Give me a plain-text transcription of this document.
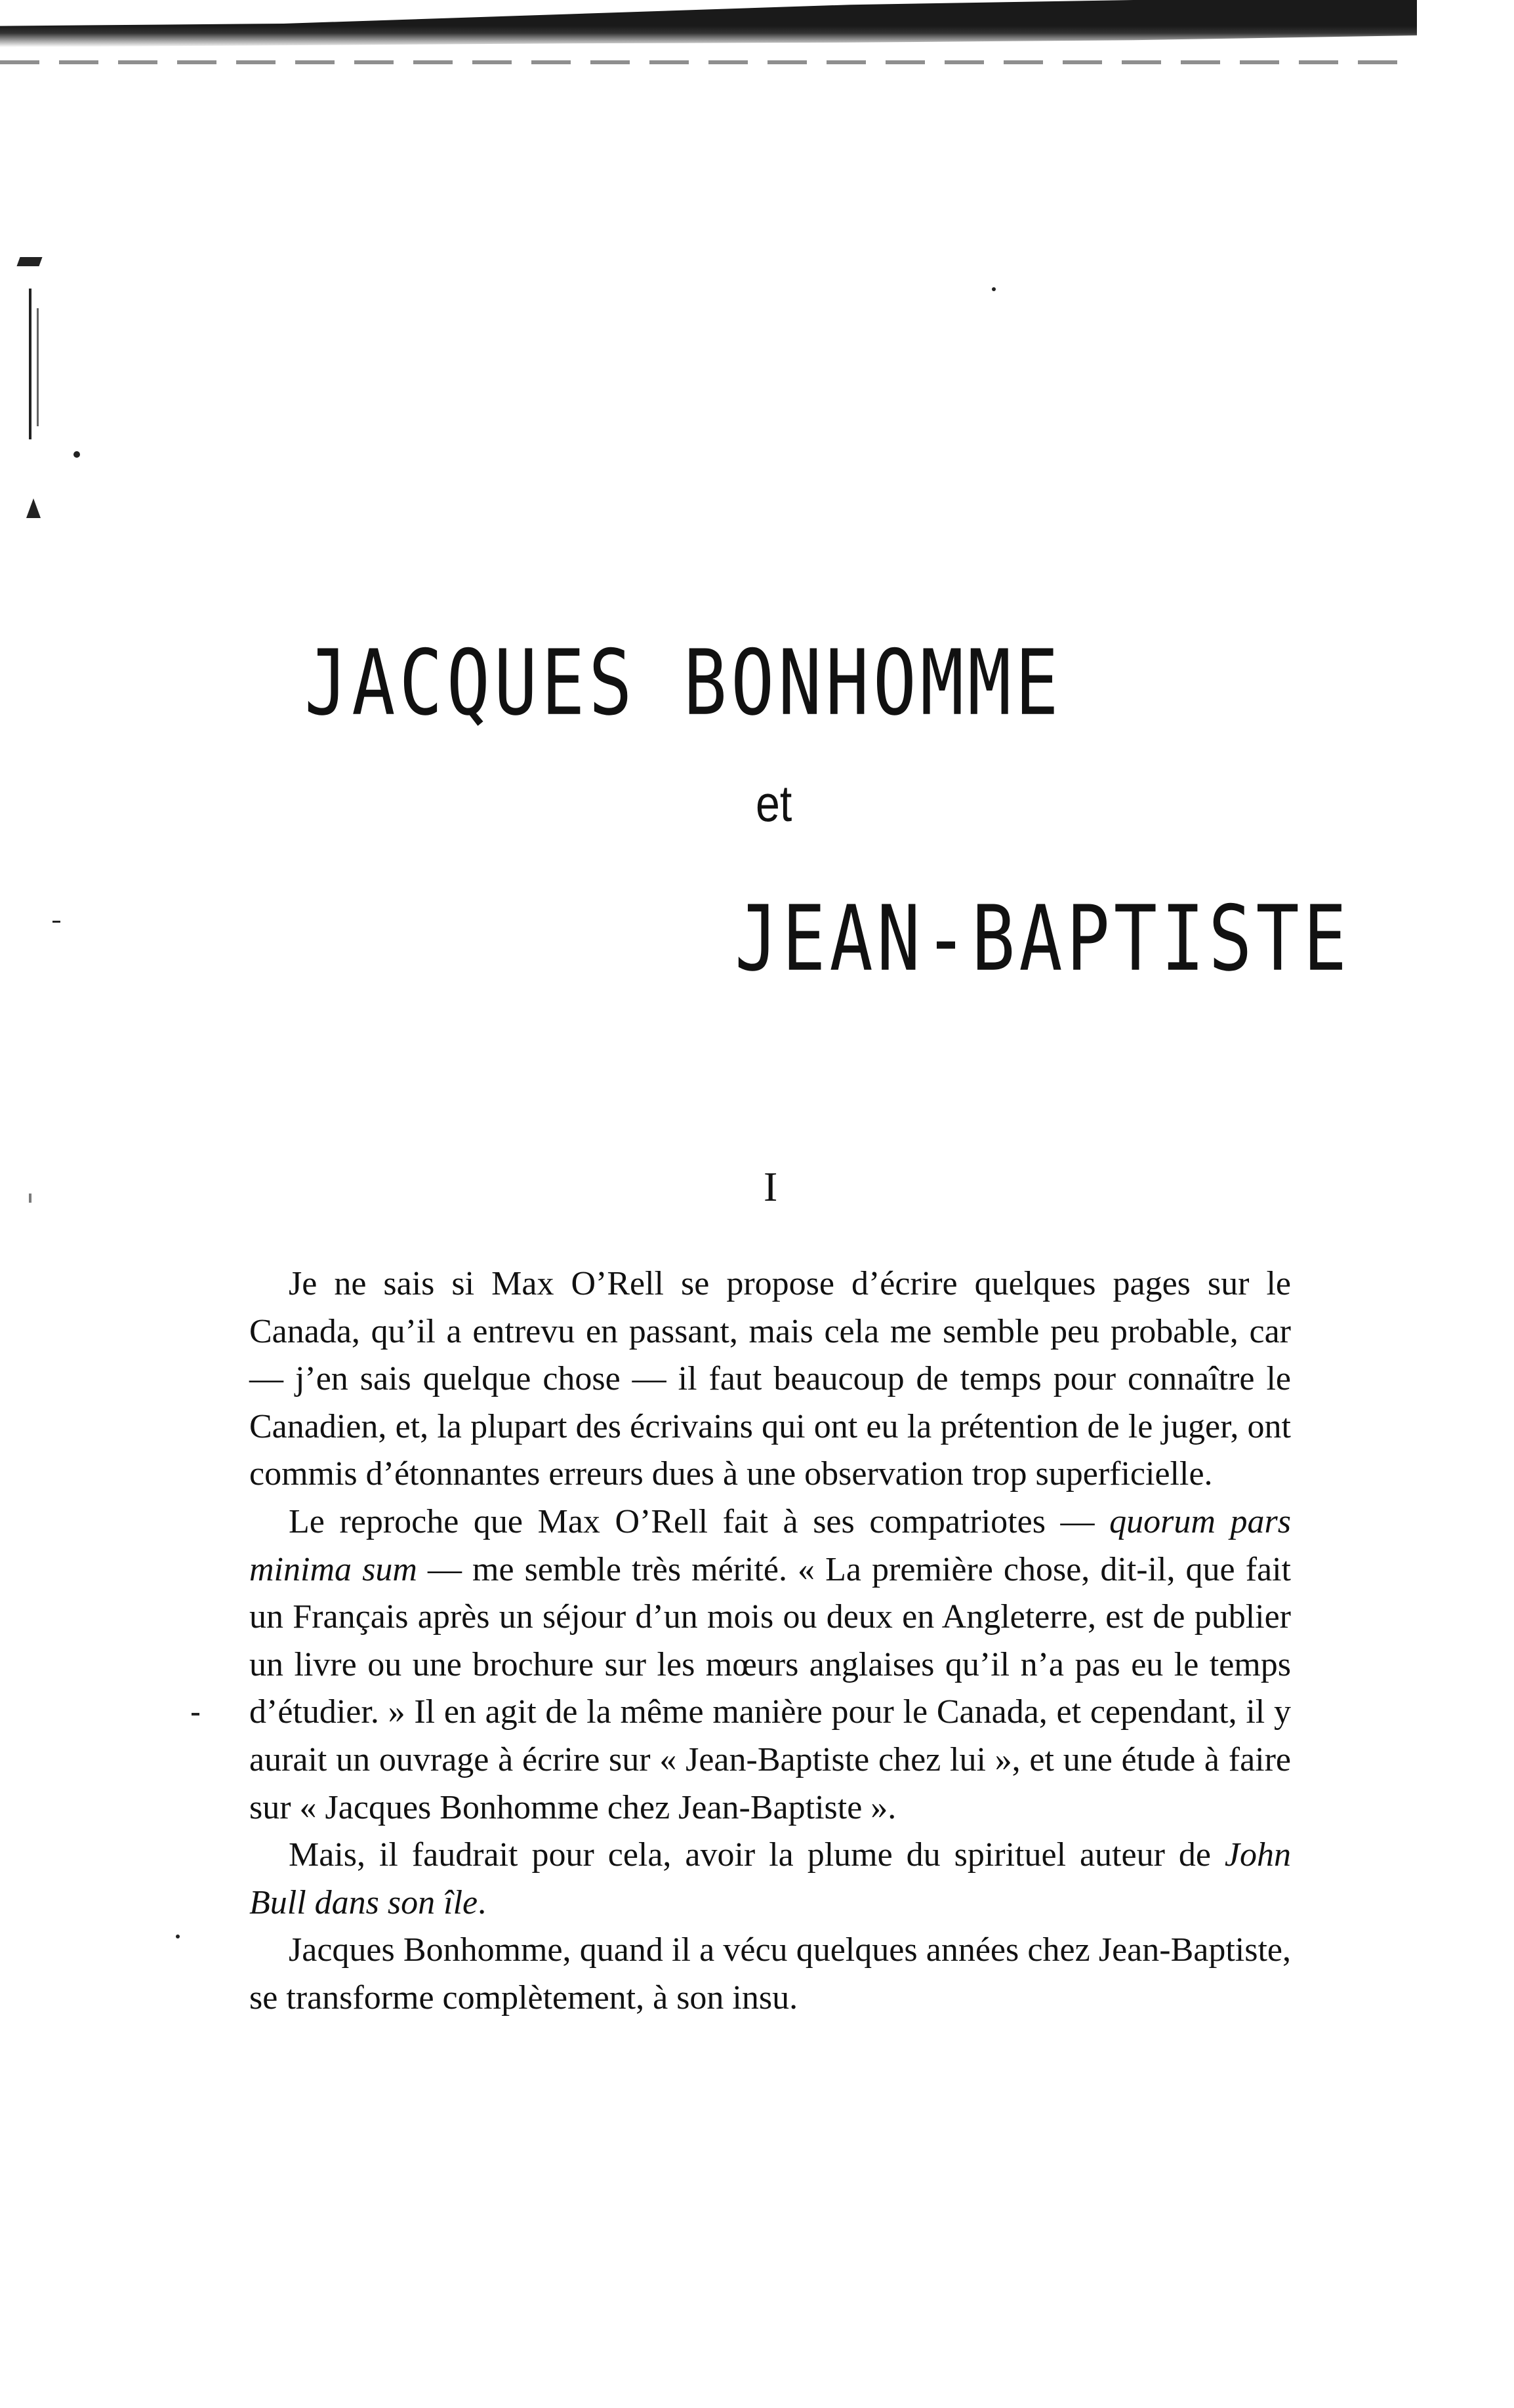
JACQUES BONHOMME
et
JEAN-BAPTISTE
I

Je ne sais si Max O’Rell se propose d’écrire quelques pages sur le Canada, qu’il a entrevu en passant, mais cela me semble peu probable, car — j’en sais quelque chose — il faut beaucoup de temps pour connaître le Canadien, et, la plupart des écrivains qui ont eu la prétention de le juger, ont commis d’étonnantes erreurs dues à une observation trop superficielle.

Le reproche que Max O’Rell fait à ses compatriotes — quorum pars minima sum — me semble très mérité. « La première chose, dit-il, que fait un Français après un séjour d’un mois ou deux en Angleterre, est de publier un livre ou une brochure sur les mœurs anglaises qu’il n’a pas eu le temps d’étudier. » Il en agit de la même manière pour le Canada, et cependant, il y aurait un ouvrage à écrire sur « Jean-Baptiste chez lui », et une étude à faire sur « Jacques Bonhomme chez Jean-Baptiste ».

Mais, il faudrait pour cela, avoir la plume du spirituel auteur de John Bull dans son île.

Jacques Bonhomme, quand il a vécu quelques années chez Jean-Baptiste, se transforme complètement, à son insu.
